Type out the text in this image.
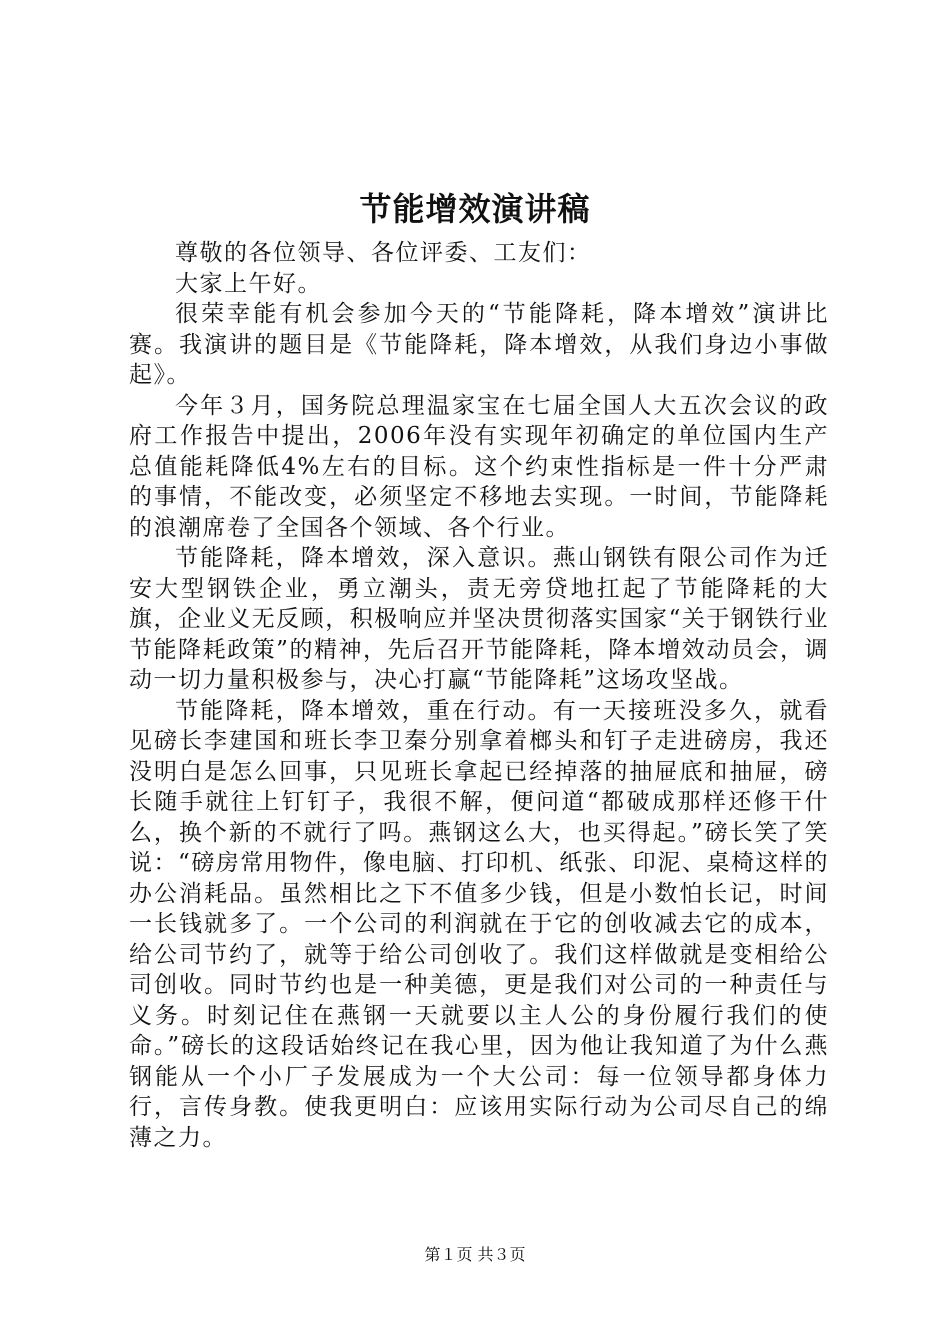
节能增效演讲稿

尊敬的各位领导、各位评委、工友们：

大家上午好。

很荣幸能有机会参加今天的“节能降耗，降本增效”演讲比赛。我演讲的题目是《节能降耗，降本增效，从我们身边小事做起》。

今年３月，国务院总理温家宝在七届全国人大五次会议的政府工作报告中提出，2006年没有实现年初确定的单位国内生产总值能耗降低4%左右的目标。这个约束性指标是一件十分严肃的事情，不能改变，必须坚定不移地去实现。一时间，节能降耗的浪潮席卷了全国各个领域、各个行业。

节能降耗，降本增效，深入意识。燕山钢铁有限公司作为迁安大型钢铁企业，勇立潮头，责无旁贷地扛起了节能降耗的大旗，企业义无反顾，积极响应并坚决贯彻落实国家“关于钢铁行业节能降耗政策”的精神，先后召开节能降耗，降本增效动员会，调动一切力量积极参与，决心打赢“节能降耗”这场攻坚战。

节能降耗，降本增效，重在行动。有一天接班没多久，就看见磅长李建国和班长李卫秦分别拿着榔头和钉子走进磅房，我还没明白是怎么回事，只见班长拿起已经掉落的抽屉底和抽屉，磅长随手就往上钉钉子，我很不解，便问道“都破成那样还修干什么，换个新的不就行了吗。燕钢这么大，也买得起。”磅长笑了笑说：“磅房常用物件，像电脑、打印机、纸张、印泥、桌椅这样的办公消耗品。虽然相比之下不值多少钱，但是小数怕长记，时间一长钱就多了。一个公司的利润就在于它的创收减去它的成本，给公司节约了，就等于给公司创收了。我们这样做就是变相给公司创收。同时节约也是一种美德，更是我们对公司的一种责任与义务。时刻记住在燕钢一天就要以主人公的身份履行我们的使命。”磅长的这段话始终记在我心里，因为他让我知道了为什么燕钢能从一个小厂子发展成为一个大公司：每一位领导都身体力行，言传身教。使我更明白：应该用实际行动为公司尽自己的绵薄之力。

第１页 共３页
